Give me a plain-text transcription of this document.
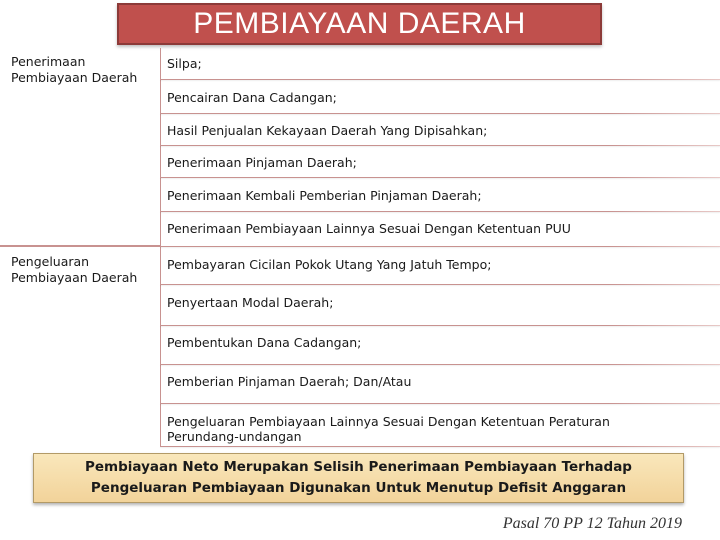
PEMBIAYAAN DAERAH
Penerimaan
Pembiayaan Daerah
Pengeluaran
Pembiayaan Daerah
Silpa;
Pencairan Dana Cadangan;
Hasil Penjualan Kekayaan Daerah Yang Dipisahkan;
Penerimaan Pinjaman Daerah;
Penerimaan Kembali Pemberian Pinjaman Daerah;
Penerimaan Pembiayaan Lainnya Sesuai Dengan Ketentuan PUU
Pembayaran Cicilan Pokok Utang Yang Jatuh Tempo;
Penyertaan Modal Daerah;
Pembentukan Dana Cadangan;
Pemberian Pinjaman Daerah; Dan/Atau
Pengeluaran Pembiayaan Lainnya Sesuai Dengan Ketentuan Peraturan Perundang-undangan
Pembiayaan Neto Merupakan Selisih Penerimaan Pembiayaan Terhadap Pengeluaran Pembiayaan Digunakan Untuk Menutup Defisit Anggaran
Pasal 70 PP 12 Tahun 2019
